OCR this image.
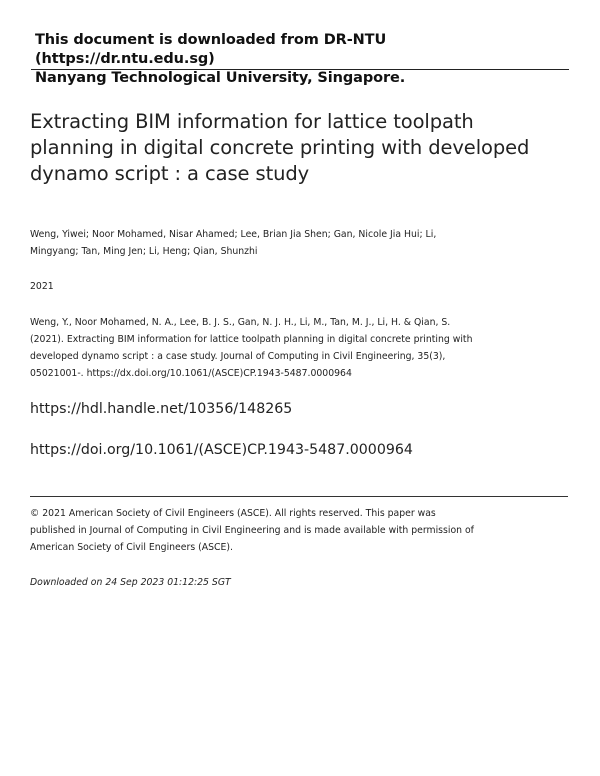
This document is downloaded from DR-NTU (https://dr.ntu.edu.sg)
Nanyang Technological University, Singapore.
Extracting BIM information for lattice toolpath planning in digital concrete printing with developed dynamo script : a case study
Weng, Yiwei; Noor Mohamed, Nisar Ahamed; Lee, Brian Jia Shen; Gan, Nicole Jia Hui; Li, Mingyang; Tan, Ming Jen; Li, Heng; Qian, Shunzhi
2021
Weng, Y., Noor Mohamed, N. A., Lee, B. J. S., Gan, N. J. H., Li, M., Tan, M. J., Li, H. & Qian, S. (2021). Extracting BIM information for lattice toolpath planning in digital concrete printing with developed dynamo script : a case study. Journal of Computing in Civil Engineering, 35(3), 05021001-. https://dx.doi.org/10.1061/(ASCE)CP.1943-5487.0000964
https://hdl.handle.net/10356/148265
https://doi.org/10.1061/(ASCE)CP.1943-5487.0000964
© 2021 American Society of Civil Engineers (ASCE). All rights reserved. This paper was published in Journal of Computing in Civil Engineering and is made available with permission of American Society of Civil Engineers (ASCE).
Downloaded on 24 Sep 2023 01:12:25 SGT
